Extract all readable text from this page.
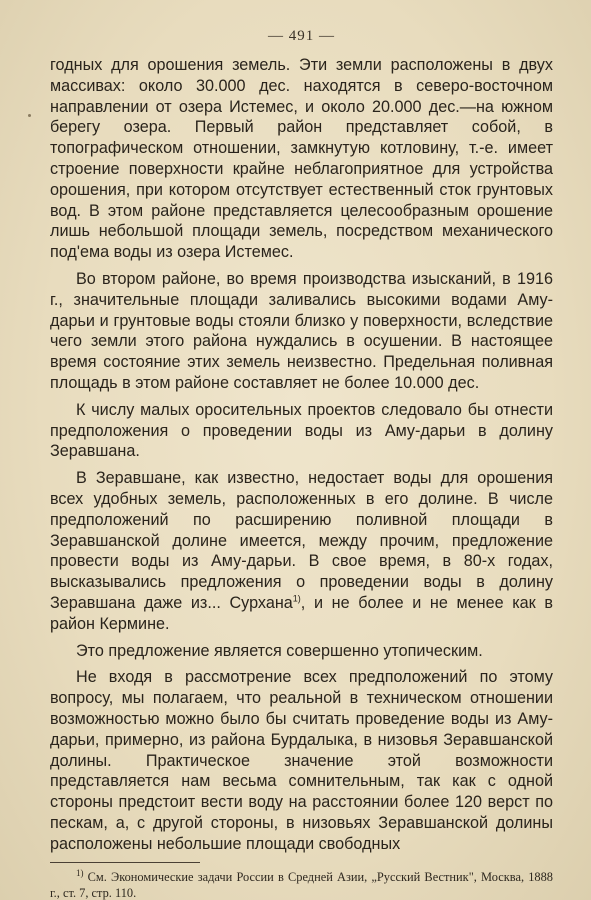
— 491 —

годных для орошения земель. Эти земли расположены в двух массивах: около 30.000 дес. находятся в северо-восточном направлении от озера Истемес, и около 20.000 дес.—на южном берегу озера. Первый район представляет собой, в топографическом отношении, замкнутую котловину, т.-е. имеет строение поверхности крайне неблагоприятное для устройства орошения, при котором отсутствует естественный сток грунтовых вод. В этом районе представляется целесообразным орошение лишь небольшой площади земель, посредством механического под'ема воды из озера Истемес.

Во втором районе, во время производства изысканий, в 1916 г., значительные площади заливались высокими водами Аму-дарьи и грунтовые воды стояли близко у поверхности, вследствие чего земли этого района нуждались в осушении. В настоящее время состояние этих земель неизвестно. Предельная поливная площадь в этом районе составляет не более 10.000 дес.

К числу малых оросительных проектов следовало бы отнести предположения о проведении воды из Аму-дарьи в долину Зеравшана.

В Зеравшане, как известно, недостает воды для орошения всех удобных земель, расположенных в его долине. В числе предположений по расширению поливной площади в Зеравшанской долине имеется, между прочим, предложение провести воды из Аму-дарьи. В свое время, в 80-х годах, высказывались предложения о проведении воды в долину Зеравшана даже из... Сурхана$^{1)}$, и не более и не менее как в район Кермине.

Это предложение является совершенно утопическим.

Не входя в рассмотрение всех предположений по этому вопросу, мы полагаем, что реальной в техническом отношении возможностью можно было бы считать проведение воды из Аму-дарьи, примерно, из района Бурдалыка, в низовья Зеравшанской долины. Практическое значение этой возможности представляется нам весьма сомнительным, так как с одной стороны предстоит вести воду на расстоянии более 120 верст по пескам, а, с другой стороны, в низовьях Зеравшанской долины расположены небольшие площади свободных

$^{1)}$ См. Экономические задачи России в Средней Азии, „Русский Вестник", Москва, 1888 г., ст. 7, стр. 110.
